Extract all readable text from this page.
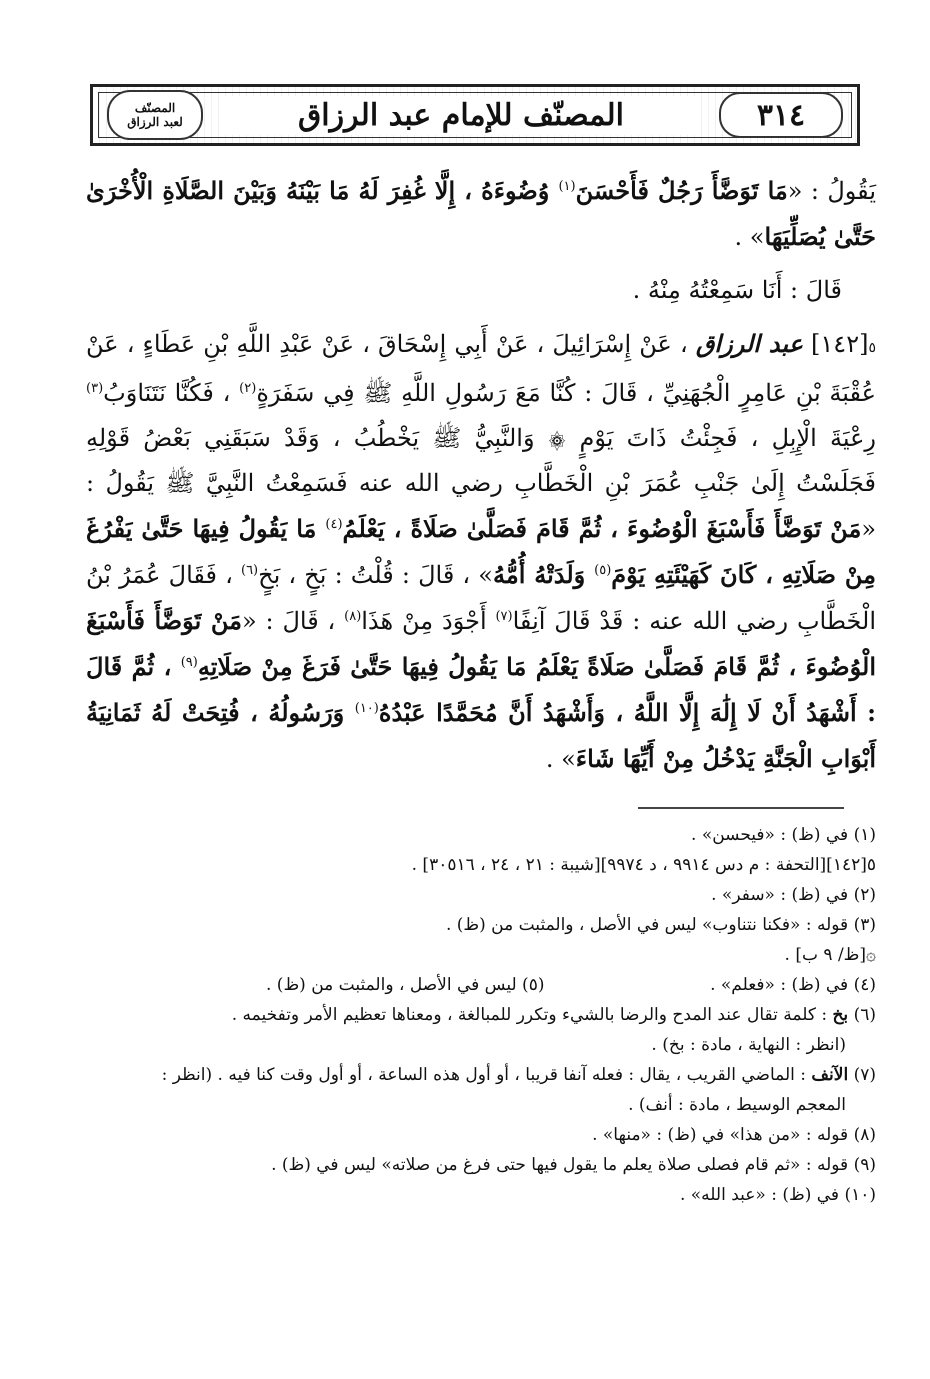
٣١٤
المصنّف للإمام عبد الرزاق
المصنّف
لعبد الرزاق

يَقُولُ : «مَا تَوَضَّأَ رَجُلٌ فَأَحْسَنَ$^{(١)}$ وُضُوءَهُ ، إِلَّا غُفِرَ لَهُ مَا بَيْنَهُ وَبَيْنَ الصَّلَاةِ الْأُخْرَىٰ حَتَّىٰ يُصَلِّيَهَا» .

قَالَ : أَنَا سَمِعْتُهُ مِنْهُ .

٥[١٤٢] عبد الرزاق ، عَنْ إِسْرَائِيلَ ، عَنْ أَبِي إِسْحَاقَ ، عَنْ عَبْدِ اللَّهِ بْنِ عَطَاءٍ ، عَنْ عُقْبَةَ بْنِ عَامِرٍ الْجُهَنِيِّ ، قَالَ : كُنَّا مَعَ رَسُولِ اللَّهِ ﷺ فِي سَفَرَةٍ$^{(٢)}$ ، فَكُنَّا نَتَنَاوَبُ$^{(٣)}$ رِعْيَةَ الْإِبِلِ ، فَجِئْتُ ذَاتَ يَوْمٍ ۞ وَالنَّبِيُّ ﷺ يَخْطُبُ ، وَقَدْ سَبَقَنِي بَعْضُ قَوْلِهِ فَجَلَسْتُ إِلَىٰ جَنْبِ عُمَرَ بْنِ الْخَطَّابِ رضي الله عنه فَسَمِعْتُ النَّبِيَّ ﷺ يَقُولُ : «مَنْ تَوَضَّأَ فَأَسْبَغَ الْوُضُوءَ ، ثُمَّ قَامَ فَصَلَّىٰ صَلَاةً ، يَعْلَمُ$^{(٤)}$ مَا يَقُولُ فِيهَا حَتَّىٰ يَفْرُغَ مِنْ صَلَاتِهِ ، كَانَ كَهَيْئَتِهِ يَوْمَ$^{(٥)}$ وَلَدَتْهُ أُمُّهُ» ، قَالَ : قُلْتُ : بَخٍ ، بَخٍ$^{(٦)}$ ، فَقَالَ عُمَرُ بْنُ الْخَطَّابِ رضي الله عنه : قَدْ قَالَ آنِفًا$^{(٧)}$ أَجْوَدَ مِنْ هَذَا$^{(٨)}$ ، قَالَ : «مَنْ تَوَضَّأَ فَأَسْبَغَ الْوُضُوءَ ، ثُمَّ قَامَ فَصَلَّىٰ صَلَاةً يَعْلَمُ مَا يَقُولُ فِيهَا حَتَّىٰ فَرَغَ مِنْ صَلَاتِهِ$^{(٩)}$ ، ثُمَّ قَالَ : أَشْهَدُ أَنْ لَا إِلَٰهَ إِلَّا اللَّهُ ، وَأَشْهَدُ أَنَّ مُحَمَّدًا عَبْدُهُ$^{(١٠)}$ وَرَسُولُهُ ، فُتِحَتْ لَهُ ثَمَانِيَةُ أَبْوَابِ الْجَنَّةِ يَدْخُلُ مِنْ أَيِّهَا شَاءَ» .

(١) في (ظ) : «فيحسن» .

٥[١٤٢][التحفة : م دس ٩٩١٤ ، د ٩٩٧٤][شيبة : ٢١ ، ٢٤ ، ٣٠٥١٦] .

(٢) في (ظ) : «سفر» .

(٣) قوله : «فكنا نتناوب» ليس في الأصل ، والمثبت من (ظ) .

۞[ظ/ ٩ ب] .

(٤) في (ظ) : «فعلم» .
(٥) ليس في الأصل ، والمثبت من (ظ) .

(٦) بخ : كلمة تقال عند المدح والرضا بالشيء وتكرر للمبالغة ، ومعناها تعظيم الأمر وتفخيمه .

(انظر : النهاية ، مادة : بخ) .

(٧) الآنف : الماضي القريب ، يقال : فعله آنفا قريبا ، أو أول هذه الساعة ، أو أول وقت كنا فيه . (انظر :

المعجم الوسيط ، مادة : أنف) .

(٨) قوله : «من هذا» في (ظ) : «منها» .

(٩) قوله : «ثم قام فصلى صلاة يعلم ما يقول فيها حتى فرغ من صلاته» ليس في (ظ) .

(١٠) في (ظ) : «عبد الله» .
